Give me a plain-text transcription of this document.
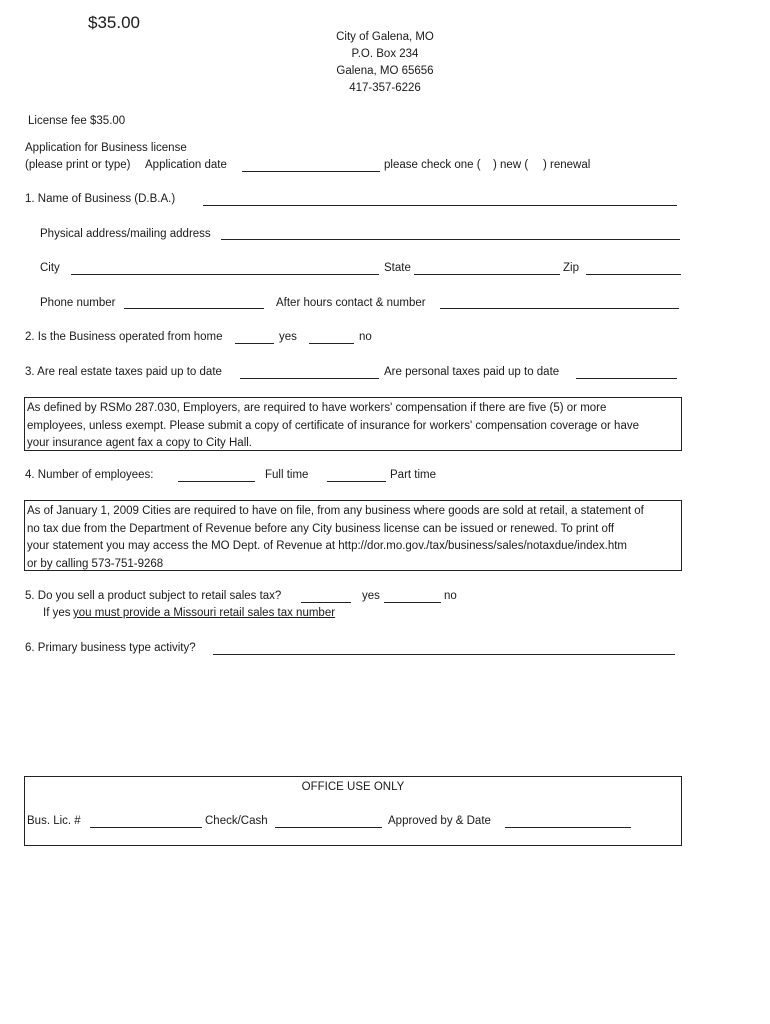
$35.00
City of Galena, MO
P.O. Box 234
Galena, MO 65656
417-357-6226
License fee $35.00
Application for Business license
(please print or type) Application date	please check one ( ) new ( ) renewal
1. Name of Business (D.B.A.)
Physical address/mailing address
City	State	Zip
Phone number	After hours contact & number
2. Is the Business operated from home	yes	no
3. Are real estate taxes paid up to date	Are personal taxes paid up to date
As defined by RSMo 287.030, Employers, are required to have workers' compensation if there are five (5) or more
employees, unless exempt. Please submit a copy of certificate of insurance for workers' compensation coverage or have
your insurance agent fax a copy to City Hall.
4. Number of employees:	Full time	Part time
As of January 1, 2009 Cities are required to have on file, from any business where goods are sold at retail, a statement of
no tax due from the Department of Revenue before any City business license can be issued or renewed. To print off
your statement you may access the MO Dept. of Revenue at http://dor.mo.gov./tax/business/sales/notaxdue/index.htm
or by calling 573-751-9268
5. Do you sell a product subject to retail sales tax?	yes	no
If yes you must provide a Missouri retail sales tax number
6. Primary business type activity?
OFFICE USE ONLY
Bus. Lic. #	Check/Cash	Approved by & Date
